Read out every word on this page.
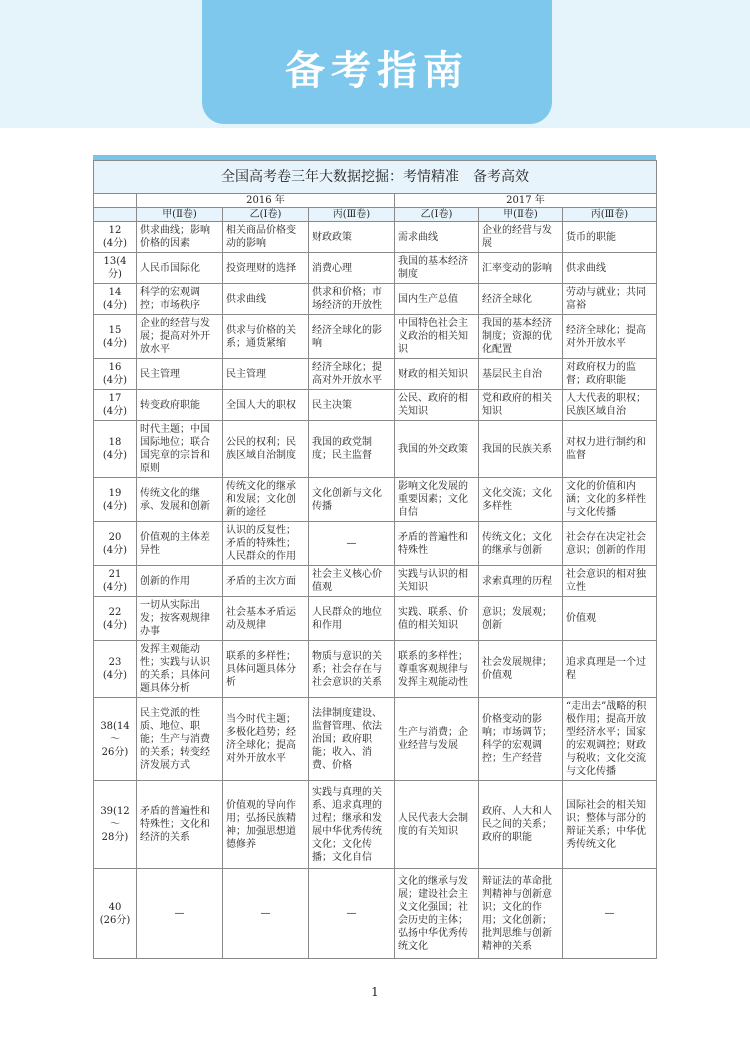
备考指南
全国高考卷三年大数据挖掘：考情精准　备考高效						
	2016 年			2017 年		
	甲(Ⅱ卷)	乙(Ⅰ卷)	丙(Ⅲ卷)	乙(Ⅰ卷)	甲(Ⅱ卷)	丙(Ⅲ卷)
12
(4分)	供求曲线；影响价格的因素	相关商品价格变动的影响	财政政策	需求曲线	企业的经营与发展	货币的职能
13(4分)	人民币国际化	投资理财的选择	消费心理	我国的基本经济制度	汇率变动的影响	供求曲线
14
(4分)	科学的宏观调控；市场秩序	供求曲线	供求和价格；市场经济的开放性	国内生产总值	经济全球化	劳动与就业；共同富裕
15
(4分)	企业的经营与发展；提高对外开放水平	供求与价格的关系；通货紧缩	经济全球化的影响	中国特色社会主义政治的相关知识	我国的基本经济制度；资源的优化配置	经济全球化；提高对外开放水平
16
(4分)	民主管理	民主管理	经济全球化；提高对外开放水平	财政的相关知识	基层民主自治	对政府权力的监督；政府职能
17
(4分)	转变政府职能	全国人大的职权	民主决策	公民、政府的相关知识	党和政府的相关知识	人大代表的职权；民族区域自治
18
(4分)	时代主题；中国国际地位；联合国宪章的宗旨和原则	公民的权利；民族区域自治制度	我国的政党制度；民主监督	我国的外交政策	我国的民族关系	对权力进行制约和监督
19
(4分)	传统文化的继承、发展和创新	传统文化的继承和发展；文化创新的途径	文化创新与文化传播	影响文化发展的重要因素；文化自信	文化交流；文化多样性	文化的价值和内涵；文化的多样性与文化传播
20
(4分)	价值观的主体差异性	认识的反复性；矛盾的特殊性；人民群众的作用	—	矛盾的普遍性和特殊性	传统文化；文化的继承与创新	社会存在决定社会意识；创新的作用
21
(4分)	创新的作用	矛盾的主次方面	社会主义核心价值观	实践与认识的相关知识	求索真理的历程	社会意识的相对独立性
22
(4分)	一切从实际出发；按客观规律办事	社会基本矛盾运动及规律	人民群众的地位和作用	实践、联系、价值的相关知识	意识；发展观；创新	价值观
23
(4分)	发挥主观能动性；实践与认识的关系；具体问题具体分析	联系的多样性；具体问题具体分析	物质与意识的关系；社会存在与社会意识的关系	联系的多样性；尊重客观规律与发挥主观能动性	社会发展规律；价值观	追求真理是一个过程
38(14～
26分)	民主党派的性质、地位、职能；生产与消费的关系；转变经济发展方式	当今时代主题；多极化趋势；经济全球化；提高对外开放水平	法律制度建设、监督管理、依法治国；政府职能；收入、消费、价格	生产与消费；企业经营与发展	价格变动的影响；市场调节；科学的宏观调控；生产经营	“走出去”战略的积极作用；提高开放型经济水平；国家的宏观调控；财政与税收；文化交流与文化传播
39(12～
28分)	矛盾的普遍性和特殊性；文化和经济的关系	价值观的导向作用；弘扬民族精神；加强思想道德修养	实践与真理的关系、追求真理的过程；继承和发展中华优秀传统文化；文化传播；文化自信	人民代表大会制度的有关知识	政府、人大和人民之间的关系；政府的职能	国际社会的相关知识；整体与部分的辩证关系；中华优秀传统文化
40
(26分)	—	—	—	文化的继承与发展；建设社会主义文化强国；社会历史的主体；弘扬中华优秀传统文化	辩证法的革命批判精神与创新意识；文化的作用；文化创新；批判思维与创新精神的关系	—
1
